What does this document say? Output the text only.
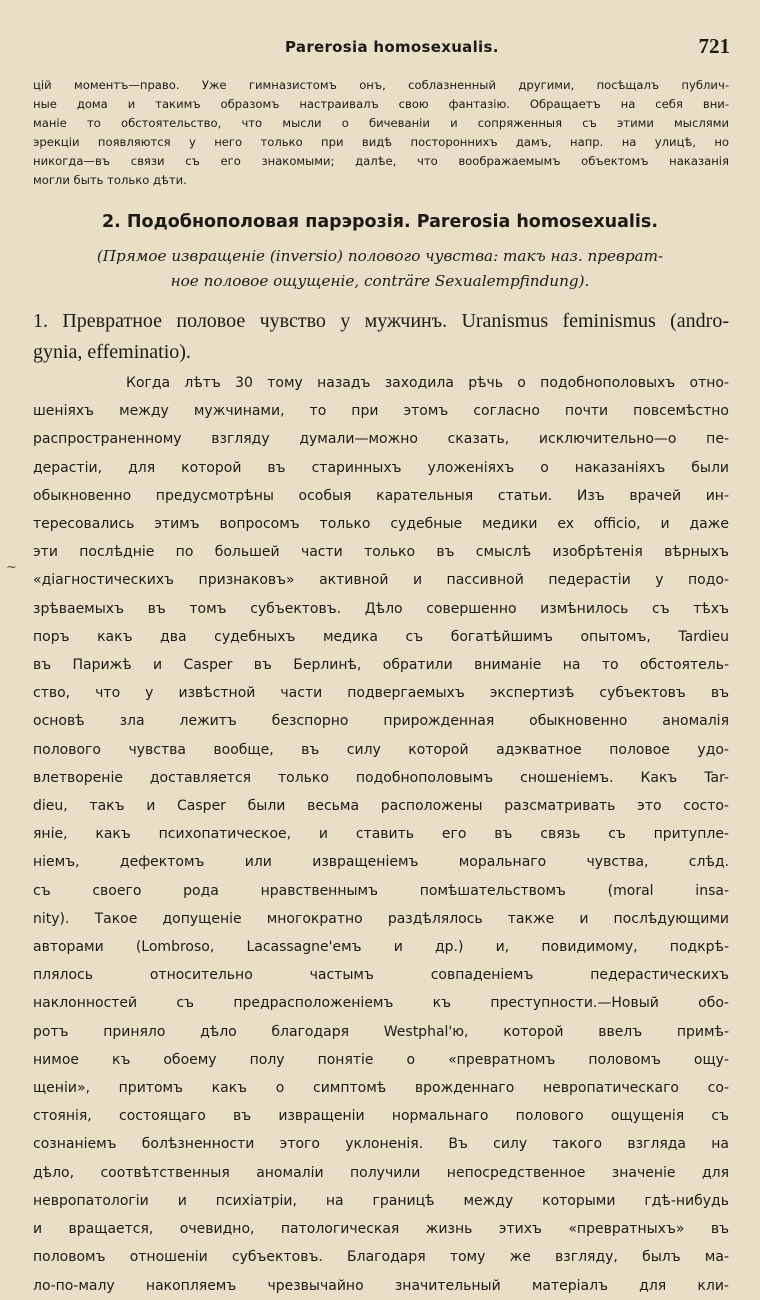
Parerosia homosexualis.	721
цій моментъ—право. Уже гимназистомъ онъ, соблазненный другими, посѣщалъ публич-
ные дома и такимъ образомъ настраивалъ свою фантазію. Обращаетъ на себя вни-
маніе то обстоятельство, что мысли о бичеваніи и сопряженныя съ этими мыслями
эрекціи появляются у него только при видѣ постороннихъ дамъ, напр. на улицѣ, но
никогда—въ связи съ его знакомыми; далѣе, что воображаемымъ объектомъ наказанія
могли быть только дѣти.
2. Подобнополовая парэрозія. Parerosia homosexualis.
(Прямое извращеніе (inversio) полового чувства: такъ наз. преврат-
ное половое ощущеніе, conträre Sexualempfindung).
1. Превратное половое чувство у мужчинъ. Uranismus feminismus (andro-
gynia, effeminatio).
~
Когда лѣтъ 30 тому назадъ заходила рѣчь о подобнополовыхъ отно-
шеніяхъ между мужчинами, то при этомъ согласно почти повсемѣстно
распространенному взгляду думали—можно сказать, исключительно—о пе-
дерастіи, для которой въ старинныхъ уложеніяхъ о наказаніяхъ были
обыкновенно предусмотрѣны особыя карательныя статьи. Изъ врачей ин-
тересовались этимъ вопросомъ только судебные медики ex officio, и даже
эти послѣдніе по большей части только въ смыслѣ изобрѣтенія вѣрныхъ
«діагностическихъ признаковъ» активной и пассивной педерастіи у подо-
зрѣваемыхъ въ томъ субъектовъ. Дѣло совершенно измѣнилось съ тѣхъ
поръ какъ два судебныхъ медика съ богатѣйшимъ опытомъ, Tardieu
въ Парижѣ и Casper въ Берлинѣ, обратили вниманіе на то обстоятель-
ство, что у извѣстной части подвергаемыхъ экспертизѣ субъектовъ въ
основѣ зла лежитъ безспорно прирожденная обыкновенно аномалія
полового чувства вообще, въ силу которой адэкватное половое удо-
влетвореніе доставляется только подобнополовымъ сношеніемъ. Какъ Tar-
dieu, такъ и Casper были весьма расположены разсматривать это состо-
яніе, какъ психопатическое, и ставить его въ связь съ притупле-
ніемъ, дефектомъ или извращеніемъ моральнаго чувства, слѣд.
съ своего рода нравственнымъ помѣшательствомъ (moral insa-
nity). Такое допущеніе многократно раздѣлялось также и послѣдующими
авторами (Lombroso, Lacassagne'емъ и др.) и, повидимому, подкрѣ-
плялось относительно частымъ совпаденіемъ педерастическихъ
наклонностей съ предрасположеніемъ къ преступности.—Новый обо-
ротъ приняло дѣло благодаря Westphal'ю, которой ввелъ примѣ-
нимое къ обоему полу понятіе о «превратномъ половомъ ощу-
щеніи», притомъ какъ о симптомѣ врожденнаго невропатическаго со-
стоянія, состоящаго въ извращеніи нормальнаго полового ощущенія съ
сознаніемъ болѣзненности этого уклоненія. Въ силу такого взгляда на
дѣло, соотвѣтственныя аномаліи получили непосредственное значеніе для
невропатологіи и психіатріи, на границѣ между которыми гдѣ-нибудь
и вращается, очевидно, патологическая жизнь этихъ «превратныхъ» въ
половомъ отношеніи субъектовъ. Благодаря тому же взгляду, былъ ма-
ло-по-малу накопляемъ чрезвычайно значительный матеріалъ для кли-
